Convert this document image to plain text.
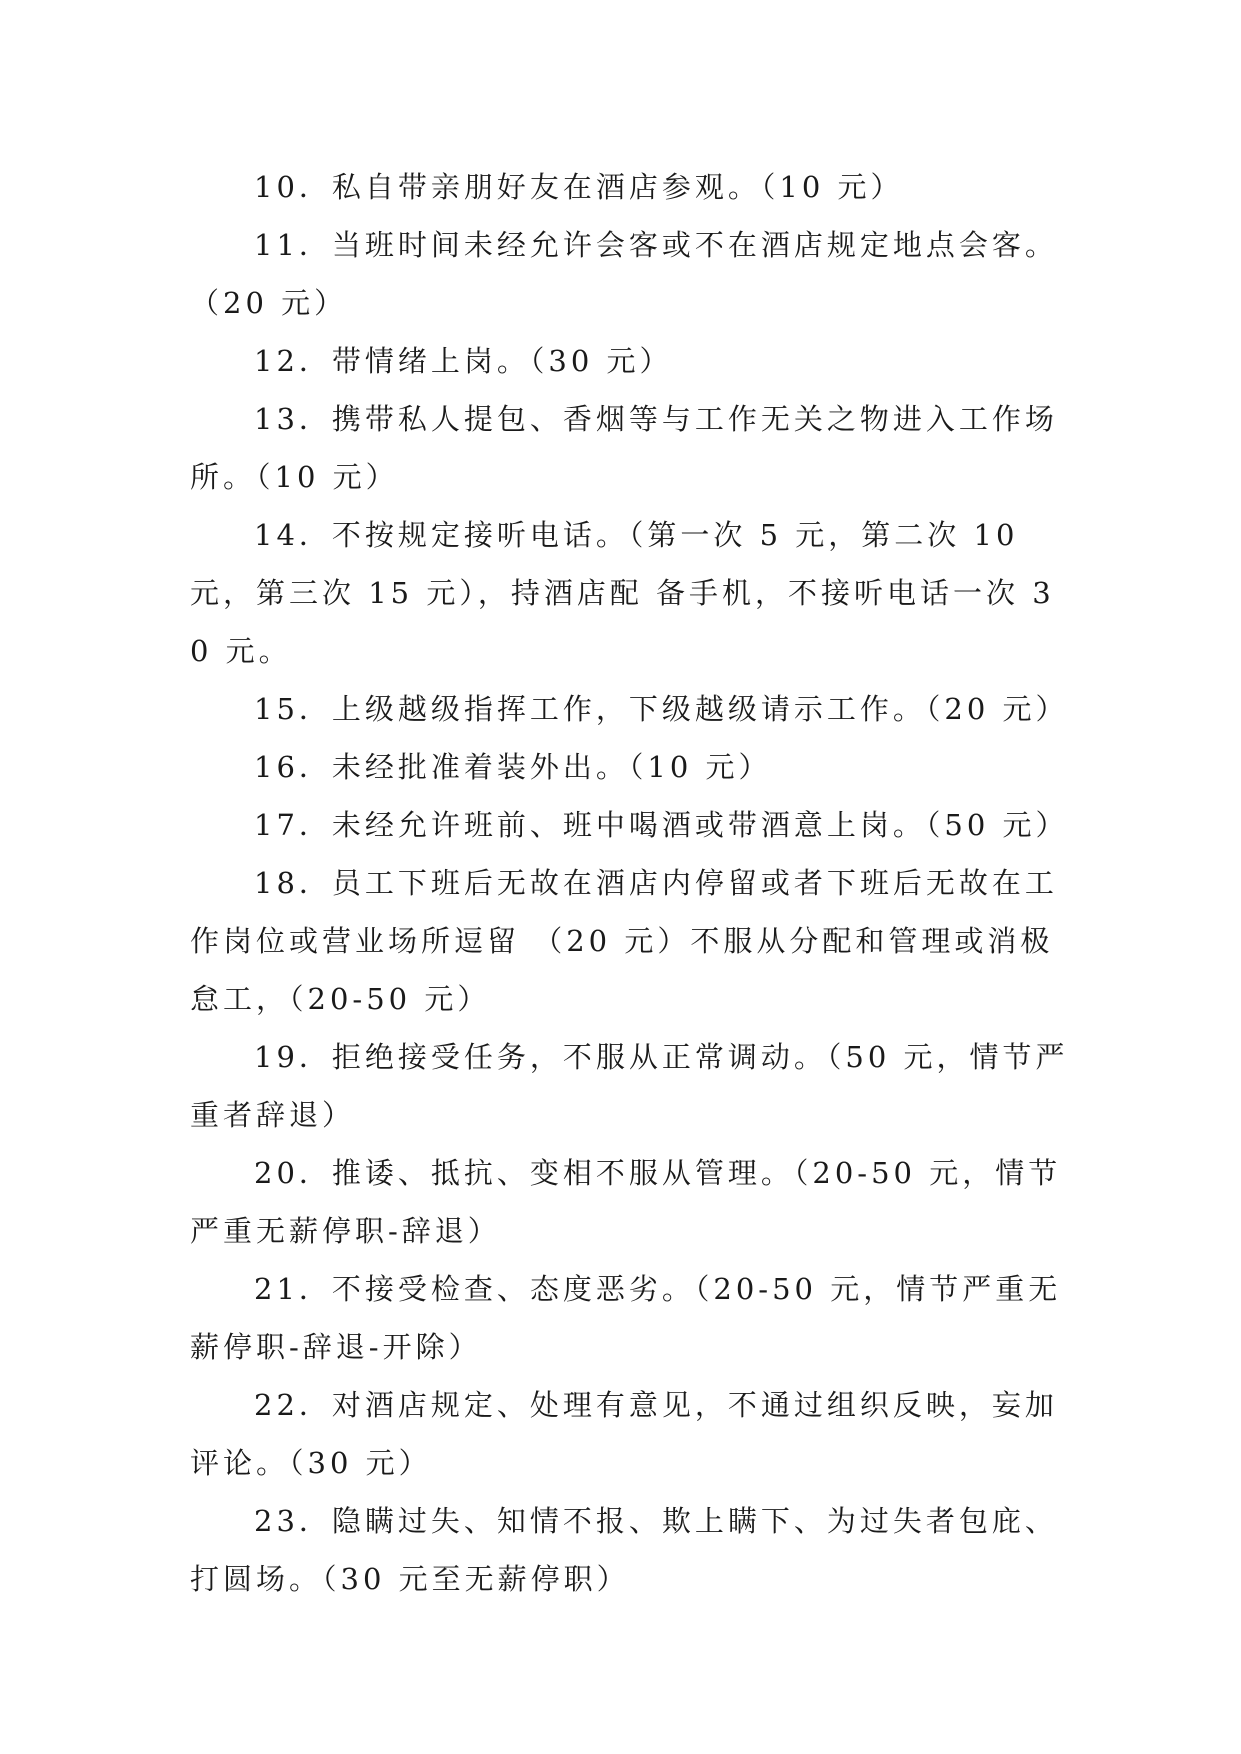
10．私自带亲朋好友在酒店参观。（10 元）

11．当班时间未经允许会客或不在酒店规定地点会客。（20 元）

12．带情绪上岗。（30 元）

13．携带私人提包、香烟等与工作无关之物进入工作场所。（10 元）

14．不按规定接听电话。（第一次 5 元，第二次 10 元，第三次 15 元），持酒店配 备手机，不接听电话一次 30 元。

15．上级越级指挥工作，下级越级请示工作。（20 元）

16．未经批准着装外出。（10 元）

17．未经允许班前、班中喝酒或带酒意上岗。（50 元）

18．员工下班后无故在酒店内停留或者下班后无故在工作岗位或营业场所逗留 （20 元）不服从分配和管理或消极怠工，（20-50 元）

19．拒绝接受任务，不服从正常调动。（50 元，情节严重者辞退）

20．推诿、抵抗、变相不服从管理。（20-50 元，情节严重无薪停职-辞退）

21．不接受检查、态度恶劣。（20-50 元，情节严重无薪停职-辞退-开除）

22．对酒店规定、处理有意见，不通过组织反映，妄加评论。（30 元）

23．隐瞒过失、知情不报、欺上瞒下、为过失者包庇、打圆场。（30 元至无薪停职）
